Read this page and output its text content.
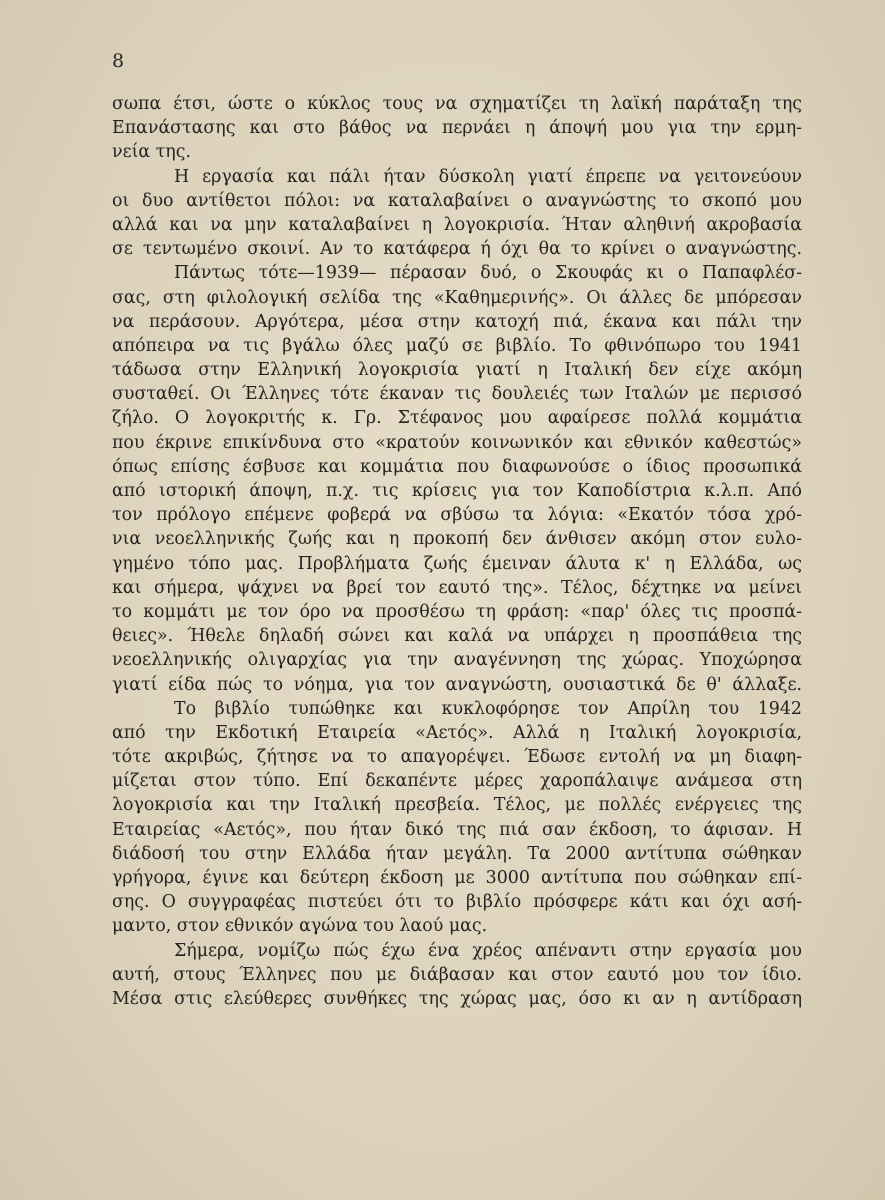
8
σωπα έτσι, ώστε ο κύκλος τους να σχηματίζει τη λαϊκή παράταξη της
Επανάστασης και στο βάθος να περνάει η άποψή μου για την ερμη-
νεία της.
Η εργασία και πάλι ήταν δύσκολη γιατί έπρεπε να γειτονεύουν
οι δυο αντίθετοι πόλοι: να καταλαβαίνει ο αναγνώστης το σκοπό μου
αλλά και να μην καταλαβαίνει η λογοκρισία. Ήταν αληθινή ακροβασία
σε τεντωμένο σκοινί. Αν το κατάφερα ή όχι θα το κρίνει ο αναγνώστης.
Πάντως τότε—1939— πέρασαν δυό, ο Σκουφάς κι ο Παπαφλέσ-
σας, στη φιλολογική σελίδα της «Καθημερινής». Οι άλλες δε μπόρεσαν
να περάσουν. Αργότερα, μέσα στην κατοχή πιά, έκανα και πάλι την
απόπειρα να τις βγάλω όλες μαζύ σε βιβλίο. Το φθινόπωρο του 1941
τάδωσα στην Ελληνική λογοκρισία γιατί η Ιταλική δεν είχε ακόμη
συσταθεί. Οι Έλληνες τότε έκαναν τις δουλειές των Ιταλών με περισσό
ζήλο. Ο λογοκριτής κ. Γρ. Στέφανος μου αφαίρεσε πολλά κομμάτια
που έκρινε επικίνδυνα στο «κρατούν κοινωνικόν και εθνικόν καθεστώς»
όπως επίσης έσβυσε και κομμάτια που διαφωνούσε ο ίδιος προσωπικά
από ιστορική άποψη, π.χ. τις κρίσεις για τον Καποδίστρια κ.λ.π. Από
τον πρόλογο επέμενε φοβερά να σβύσω τα λόγια: «Εκατόν τόσα χρό-
νια νεοελληνικής ζωής και η προκοπή δεν άνθισεν ακόμη στον ευλο-
γημένο τόπο μας. Προβλήματα ζωής έμειναν άλυτα κ' η Ελλάδα, ως
και σήμερα, ψάχνει να βρεί τον εαυτό της». Τέλος, δέχτηκε να μείνει
το κομμάτι με τον όρο να προσθέσω τη φράση: «παρ' όλες τις προσπά-
θειες». Ήθελε δηλαδή σώνει και καλά να υπάρχει η προσπάθεια της
νεοελληνικής ολιγαρχίας για την αναγέννηση της χώρας. Υποχώρησα
γιατί είδα πώς το νόημα, για τον αναγνώστη, ουσιαστικά δε θ' άλλαξε.
Το βιβλίο τυπώθηκε και κυκλοφόρησε τον Απρίλη του 1942
από την Εκδοτική Εταιρεία «Αετός». Αλλά η Ιταλική λογοκρισία,
τότε ακριβώς, ζήτησε να το απαγορέψει. Έδωσε εντολή να μη διαφη-
μίζεται στον τύπο. Επί δεκαπέντε μέρες χαροπάλαιψε ανάμεσα στη
λογοκρισία και την Ιταλική πρεσβεία. Τέλος, με πολλές ενέργειες της
Εταιρείας «Αετός», που ήταν δικό της πιά σαν έκδοση, το άφισαν. Η
διάδοσή του στην Ελλάδα ήταν μεγάλη. Τα 2000 αντίτυπα σώθηκαν
γρήγορα, έγινε και δεύτερη έκδοση με 3000 αντίτυπα που σώθηκαν επί-
σης. Ο συγγραφέας πιστεύει ότι το βιβλίο πρόσφερε κάτι και όχι ασή-
μαντο, στον εθνικόν αγώνα του λαού μας.
Σήμερα, νομίζω πώς έχω ένα χρέος απέναντι στην εργασία μου
αυτή, στους Έλληνες που με διάβασαν και στον εαυτό μου τον ίδιο.
Μέσα στις ελεύθερες συνθήκες της χώρας μας, όσο κι αν η αντίδραση
